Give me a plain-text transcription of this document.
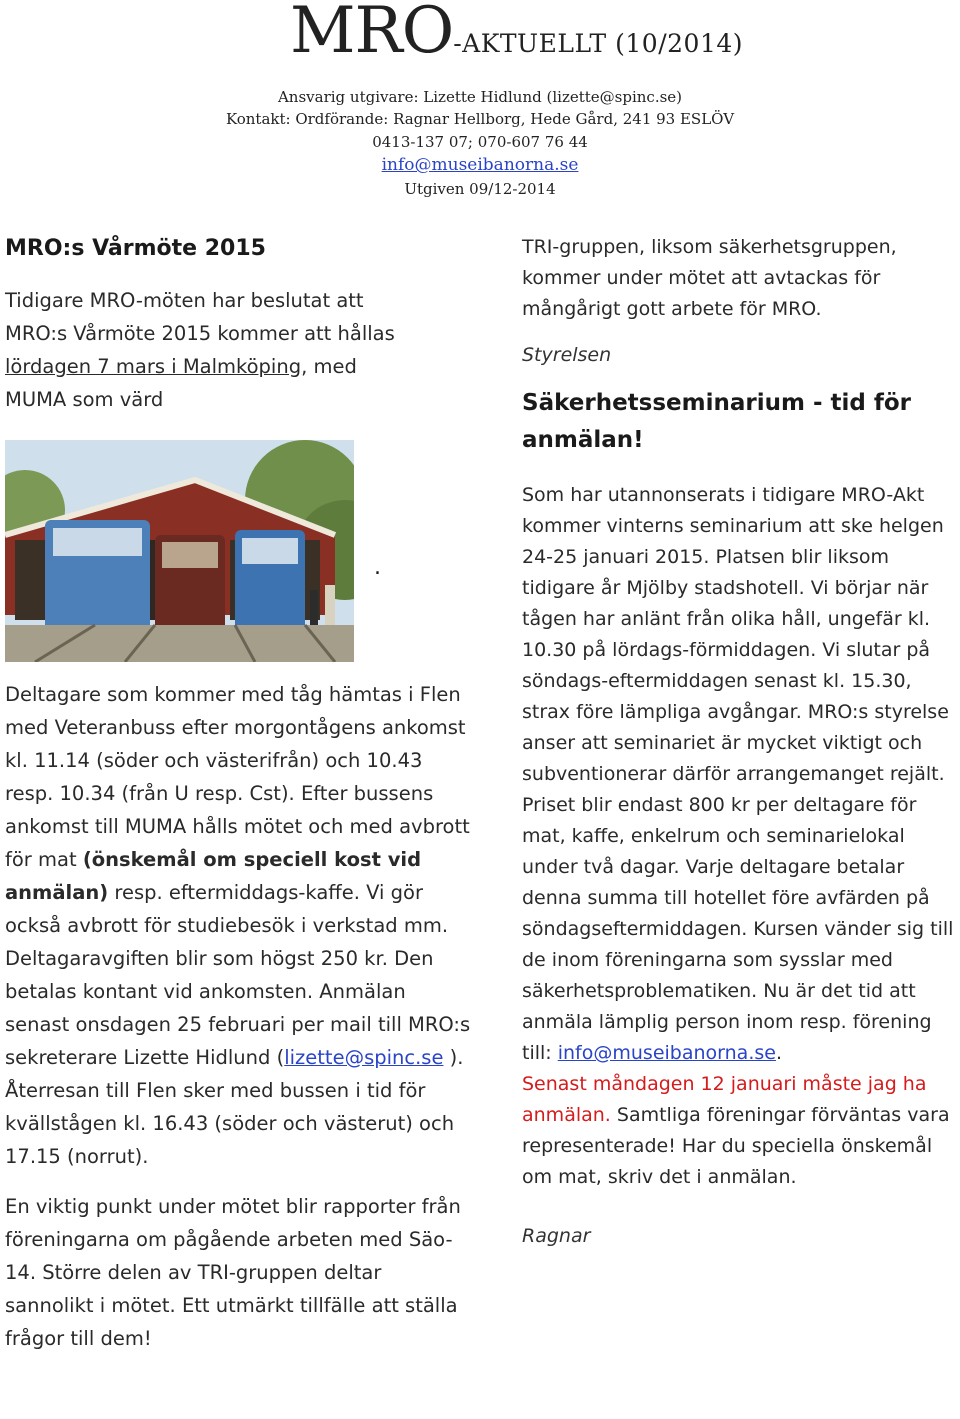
MRO-AKTUELLT (10/2014)
Ansvarig utgivare: Lizette Hidlund (lizette@spinc.se)
Kontakt: Ordförande: Ragnar Hellborg, Hede Gård, 241 93 ESLÖV
0413-137 07; 070-607 76 44
info@museibanorna.se
Utgiven 09/12-2014
MRO:s Vårmöte 2015

Tidigare MRO-möten har beslutat att
MRO:s Vårmöte 2015 kommer att hållas
lördagen 7 mars i Malmköping, med
MUMA som värd

Deltagare som kommer med tåg hämtas i Flen med Veteranbuss efter morgontågens ankomst kl. 11.14 (söder och västerifrån) och 10.43 resp. 10.34 (från U resp. Cst). Efter bussens ankomst till MUMA hålls mötet och med avbrott för mat (önskemål om speciell kost vid anmälan) resp. eftermiddags-kaffe. Vi gör också avbrott för studiebesök i verkstad mm. Deltagaravgiften blir som högst 250 kr. Den betalas kontant vid ankomsten. Anmälan senast onsdagen 25 februari per mail till MRO:s sekreterare Lizette Hidlund (lizette@spinc.se ). Återresan till Flen sker med bussen i tid för kvällstågen kl. 16.43 (söder och västerut) och 17.15 (norrut).

En viktig punkt under mötet blir rapporter från föreningarna om pågående arbeten med Säo-14. Större delen av TRI-gruppen deltar sannolikt i mötet. Ett utmärkt tillfälle att ställa frågor till dem!

.

TRI-gruppen, liksom säkerhetsgruppen, kommer under mötet att avtackas för mångårigt gott arbete för MRO.

Styrelsen

Säkerhetsseminarium - tid för anmälan!

Som har utannonserats i tidigare MRO-Akt kommer vinterns seminarium att ske helgen 24-25 januari 2015. Platsen blir liksom tidigare år Mjölby stadshotell. Vi börjar när tågen har anlänt från olika håll, ungefär kl. 10.30 på lördags-förmiddagen. Vi slutar på söndags-eftermiddagen senast kl. 15.30, strax före lämpliga avgångar. MRO:s styrelse anser att seminariet är mycket viktigt och subventionerar därför arrangemanget rejält. Priset blir endast 800 kr per deltagare för mat, kaffe, enkelrum och seminarielokal under två dagar. Varje deltagare betalar denna summa till hotellet före avfärden på söndagseftermiddagen. Kursen vänder sig till de inom föreningarna som sysslar med säkerhetsproblematiken. Nu är det tid att anmäla lämplig person inom resp. förening till: info@museibanorna.se.
Senast måndagen 12 januari måste jag ha anmälan. Samtliga föreningar förväntas vara representerade! Har du speciella önskemål om mat, skriv det i anmälan.

Ragnar
